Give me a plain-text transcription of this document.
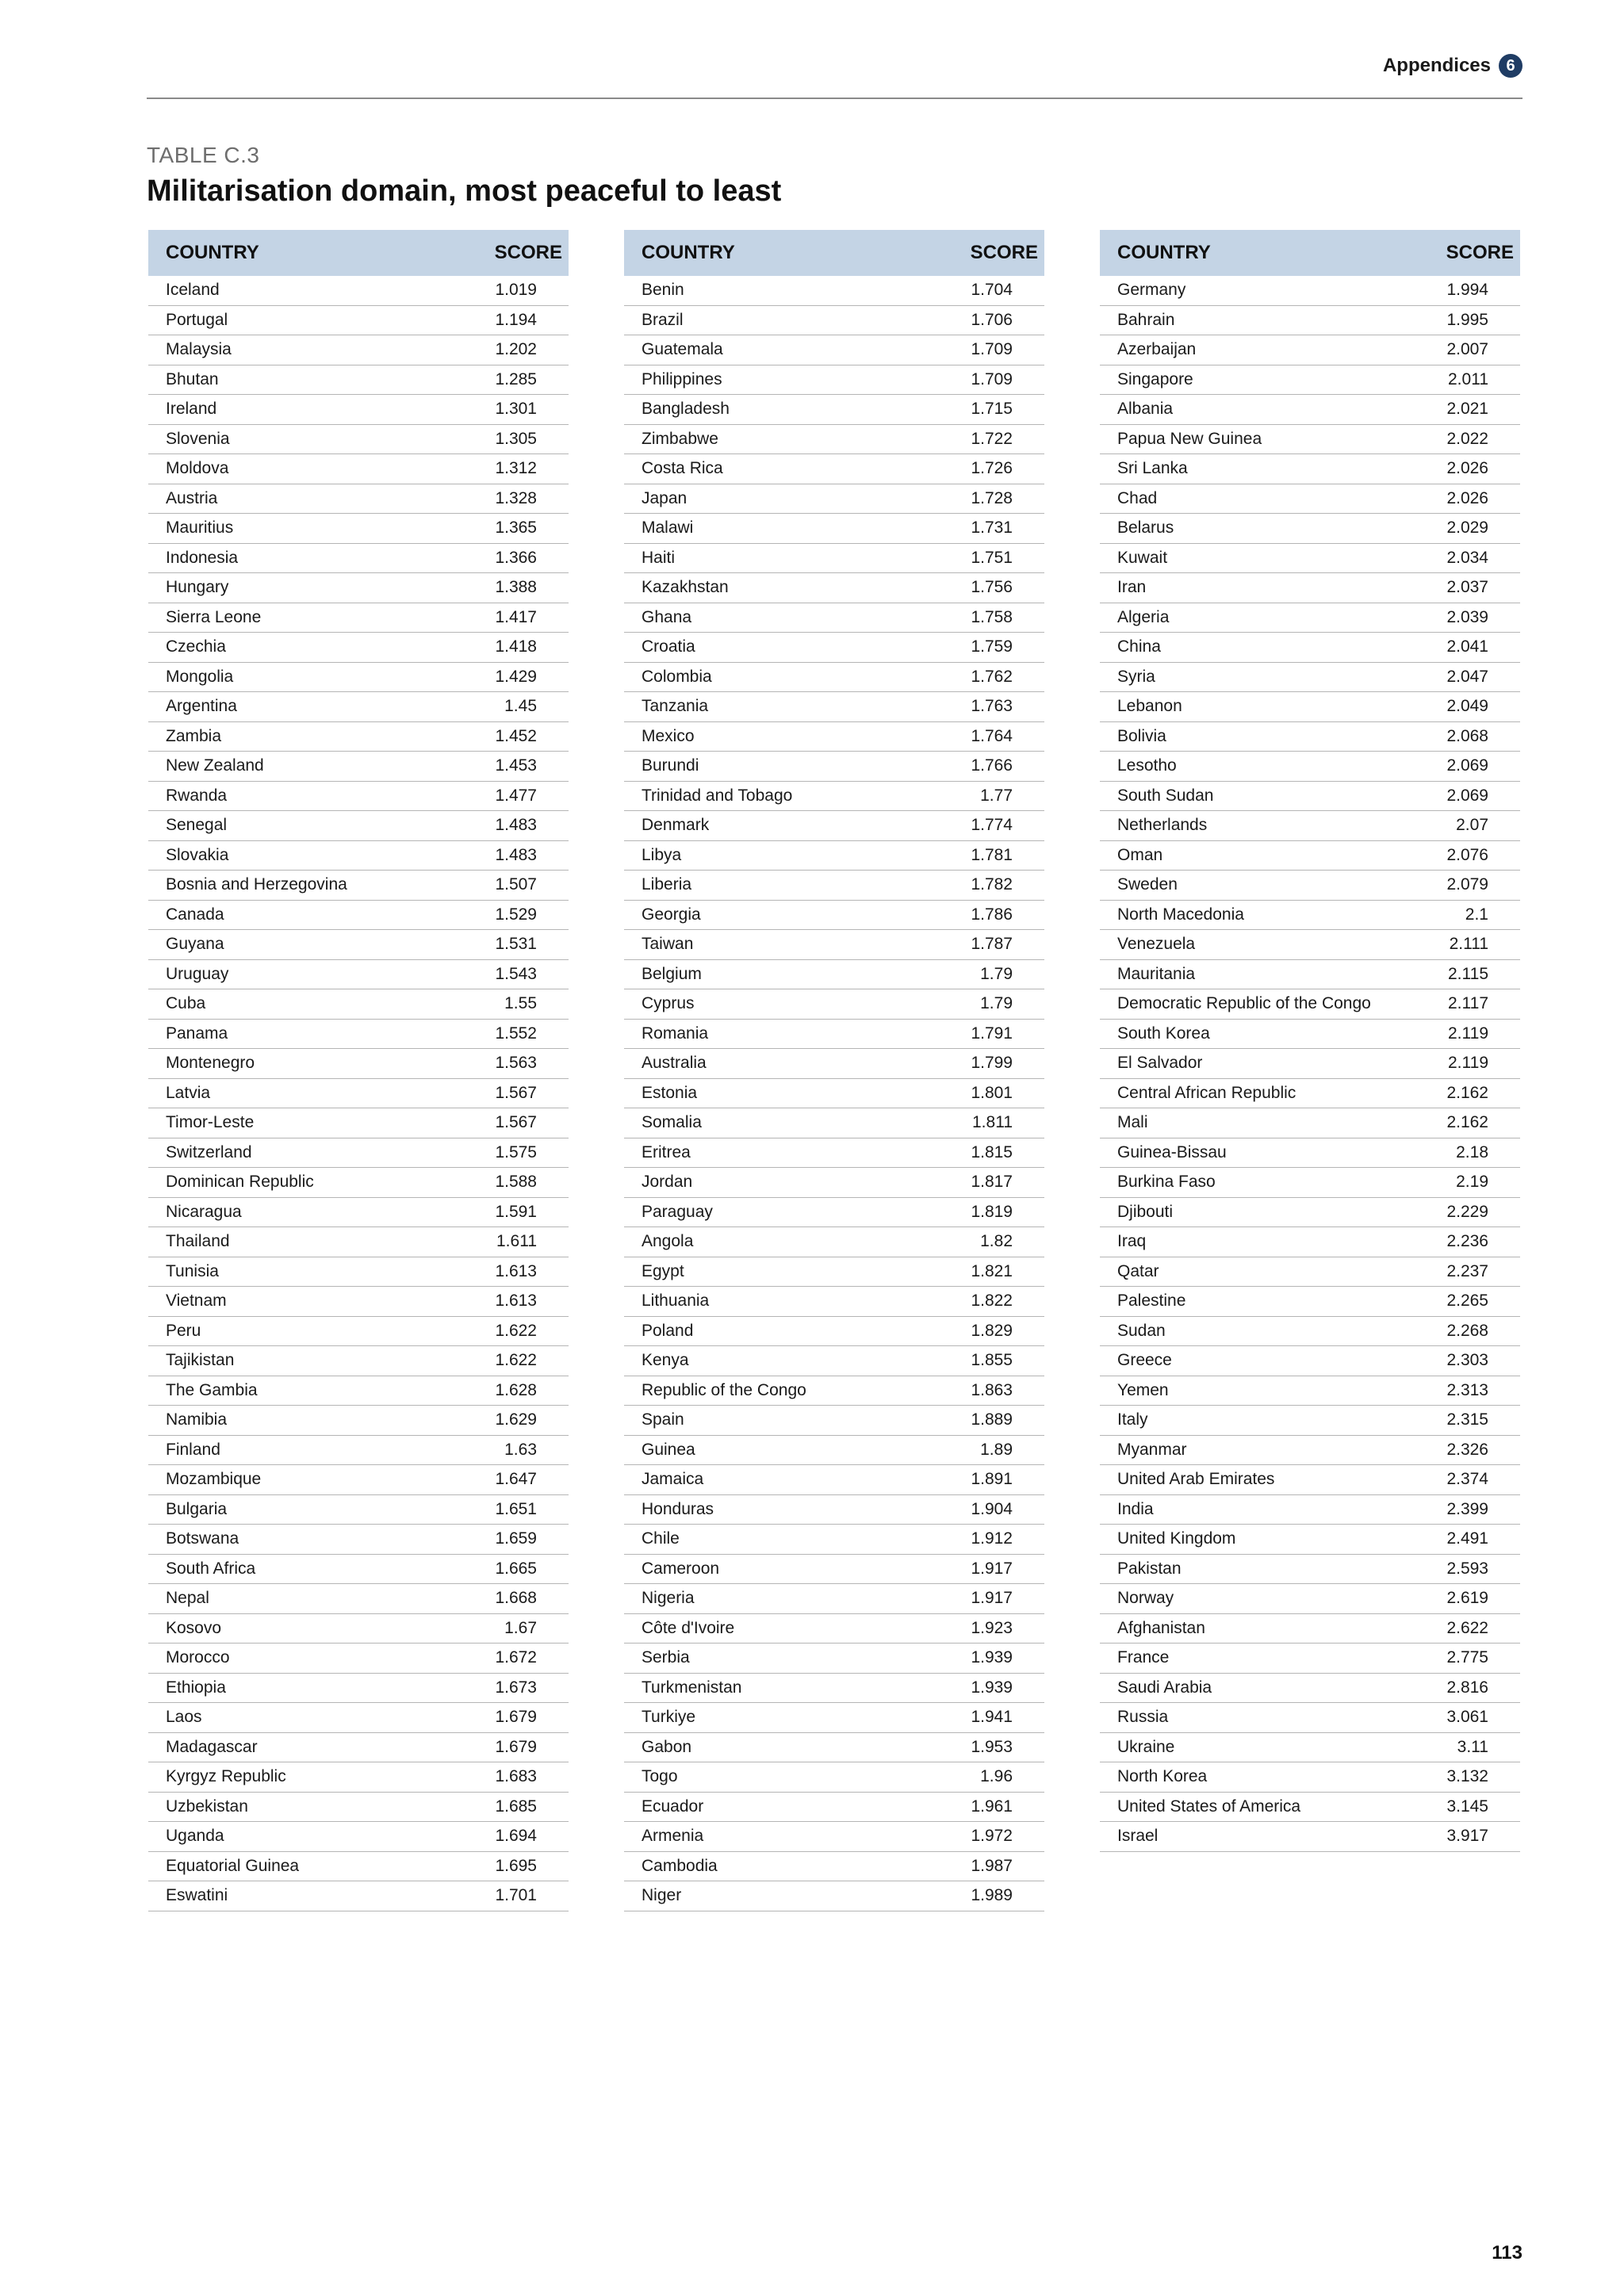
Appendices 6
TABLE C.3
Militarisation domain, most peaceful to least
COUNTRY	SCORE
Iceland	1.019
Portugal	1.194
Malaysia	1.202
Bhutan	1.285
Ireland	1.301
Slovenia	1.305
Moldova	1.312
Austria	1.328
Mauritius	1.365
Indonesia	1.366
Hungary	1.388
Sierra Leone	1.417
Czechia	1.418
Mongolia	1.429
Argentina	1.45
Zambia	1.452
New Zealand	1.453
Rwanda	1.477
Senegal	1.483
Slovakia	1.483
Bosnia and Herzegovina	1.507
Canada	1.529
Guyana	1.531
Uruguay	1.543
Cuba	1.55
Panama	1.552
Montenegro	1.563
Latvia	1.567
Timor-Leste	1.567
Switzerland	1.575
Dominican Republic	1.588
Nicaragua	1.591
Thailand	1.611
Tunisia	1.613
Vietnam	1.613
Peru	1.622
Tajikistan	1.622
The Gambia	1.628
Namibia	1.629
Finland	1.63
Mozambique	1.647
Bulgaria	1.651
Botswana	1.659
South Africa	1.665
Nepal	1.668
Kosovo	1.67
Morocco	1.672
Ethiopia	1.673
Laos	1.679
Madagascar	1.679
Kyrgyz Republic	1.683
Uzbekistan	1.685
Uganda	1.694
Equatorial Guinea	1.695
Eswatini	1.701
COUNTRY	SCORE
Benin	1.704
Brazil	1.706
Guatemala	1.709
Philippines	1.709
Bangladesh	1.715
Zimbabwe	1.722
Costa Rica	1.726
Japan	1.728
Malawi	1.731
Haiti	1.751
Kazakhstan	1.756
Ghana	1.758
Croatia	1.759
Colombia	1.762
Tanzania	1.763
Mexico	1.764
Burundi	1.766
Trinidad and Tobago	1.77
Denmark	1.774
Libya	1.781
Liberia	1.782
Georgia	1.786
Taiwan	1.787
Belgium	1.79
Cyprus	1.79
Romania	1.791
Australia	1.799
Estonia	1.801
Somalia	1.811
Eritrea	1.815
Jordan	1.817
Paraguay	1.819
Angola	1.82
Egypt	1.821
Lithuania	1.822
Poland	1.829
Kenya	1.855
Republic of the Congo	1.863
Spain	1.889
Guinea	1.89
Jamaica	1.891
Honduras	1.904
Chile	1.912
Cameroon	1.917
Nigeria	1.917
Côte d'Ivoire	1.923
Serbia	1.939
Turkmenistan	1.939
Turkiye	1.941
Gabon	1.953
Togo	1.96
Ecuador	1.961
Armenia	1.972
Cambodia	1.987
Niger	1.989
COUNTRY	SCORE
Germany	1.994
Bahrain	1.995
Azerbaijan	2.007
Singapore	2.011
Albania	2.021
Papua New Guinea	2.022
Sri Lanka	2.026
Chad	2.026
Belarus	2.029
Kuwait	2.034
Iran	2.037
Algeria	2.039
China	2.041
Syria	2.047
Lebanon	2.049
Bolivia	2.068
Lesotho	2.069
South Sudan	2.069
Netherlands	2.07
Oman	2.076
Sweden	2.079
North Macedonia	2.1
Venezuela	2.111
Mauritania	2.115
Democratic Republic of the Congo	2.117
South Korea	2.119
El Salvador	2.119
Central African Republic	2.162
Mali	2.162
Guinea-Bissau	2.18
Burkina Faso	2.19
Djibouti	2.229
Iraq	2.236
Qatar	2.237
Palestine	2.265
Sudan	2.268
Greece	2.303
Yemen	2.313
Italy	2.315
Myanmar	2.326
United Arab Emirates	2.374
India	2.399
United Kingdom	2.491
Pakistan	2.593
Norway	2.619
Afghanistan	2.622
France	2.775
Saudi Arabia	2.816
Russia	3.061
Ukraine	3.11
North Korea	3.132
United States of America	3.145
Israel	3.917
113
